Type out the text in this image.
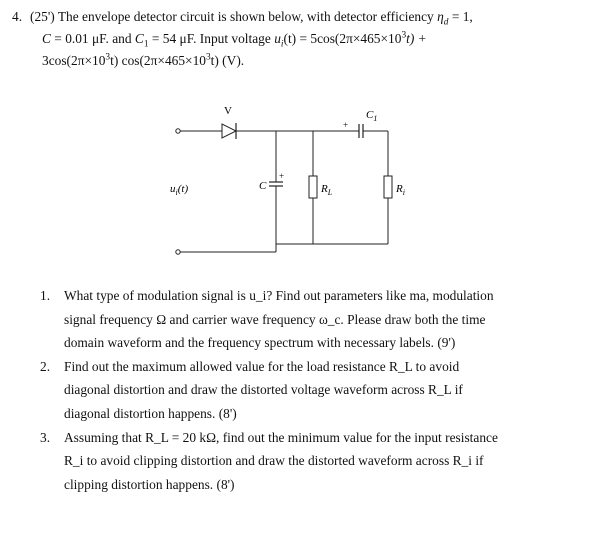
4. (25') The envelope detector circuit is shown below, with detector efficiency $\eta_d = 1$,
C = 0.01 μF. and $C_1 = 54$ μF. Input voltage $u_i(t) = 5\cos(2\pi\times 465\times 10^3t)$ +
$3\cos(2\pi\times 10^3t)$ $\cos(2\pi\times 465\times 10^3t)$ (V).
V
$u_i(t)$	C
+
$R_L$
+
$C_1$
$R_i$
1. What type of modulation signal is u_i? Find out parameters like ma, modulation
signal frequency Ω and carrier wave frequency ω_c. Please draw both the time
domain waveform and the frequency spectrum with necessary labels. (9')
2. Find out the maximum allowed value for the load resistance R_L to avoid
diagonal distortion and draw the distorted voltage waveform across R_L if
diagonal distortion happens. (8')
3. Assuming that R_L = 20 kΩ, find out the minimum value for the input resistance
R_i to avoid clipping distortion and draw the distorted waveform across R_i if
clipping distortion happens. (8')
